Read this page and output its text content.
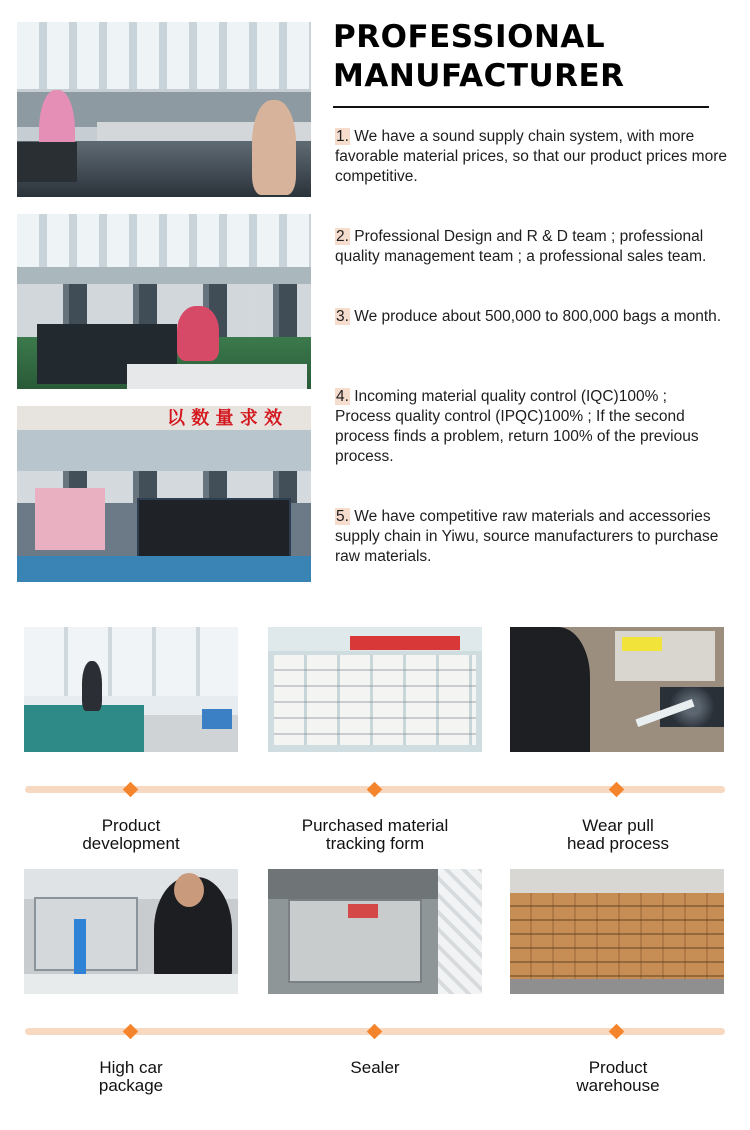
以 数 量 求 效
PROFESSIONAL
MANUFACTURER
1. We have a sound supply chain system, with more favorable material prices, so that our product prices more competitive.
2. Professional Design and R & D team ; professional quality management team ; a professional sales team.
3. We produce about 500,000 to 800,000 bags a month.
4. Incoming material quality control (IQC)100% ; Process quality control (IPQC)100% ; If the second process finds a problem, return 100% of the previous process.
5. We have competitive raw materials and accessories supply chain in Yiwu, source manufacturers to purchase raw materials.
Product
development
Purchased material
tracking form
Wear pull
head process
High car
package
Sealer	Product
warehouse
